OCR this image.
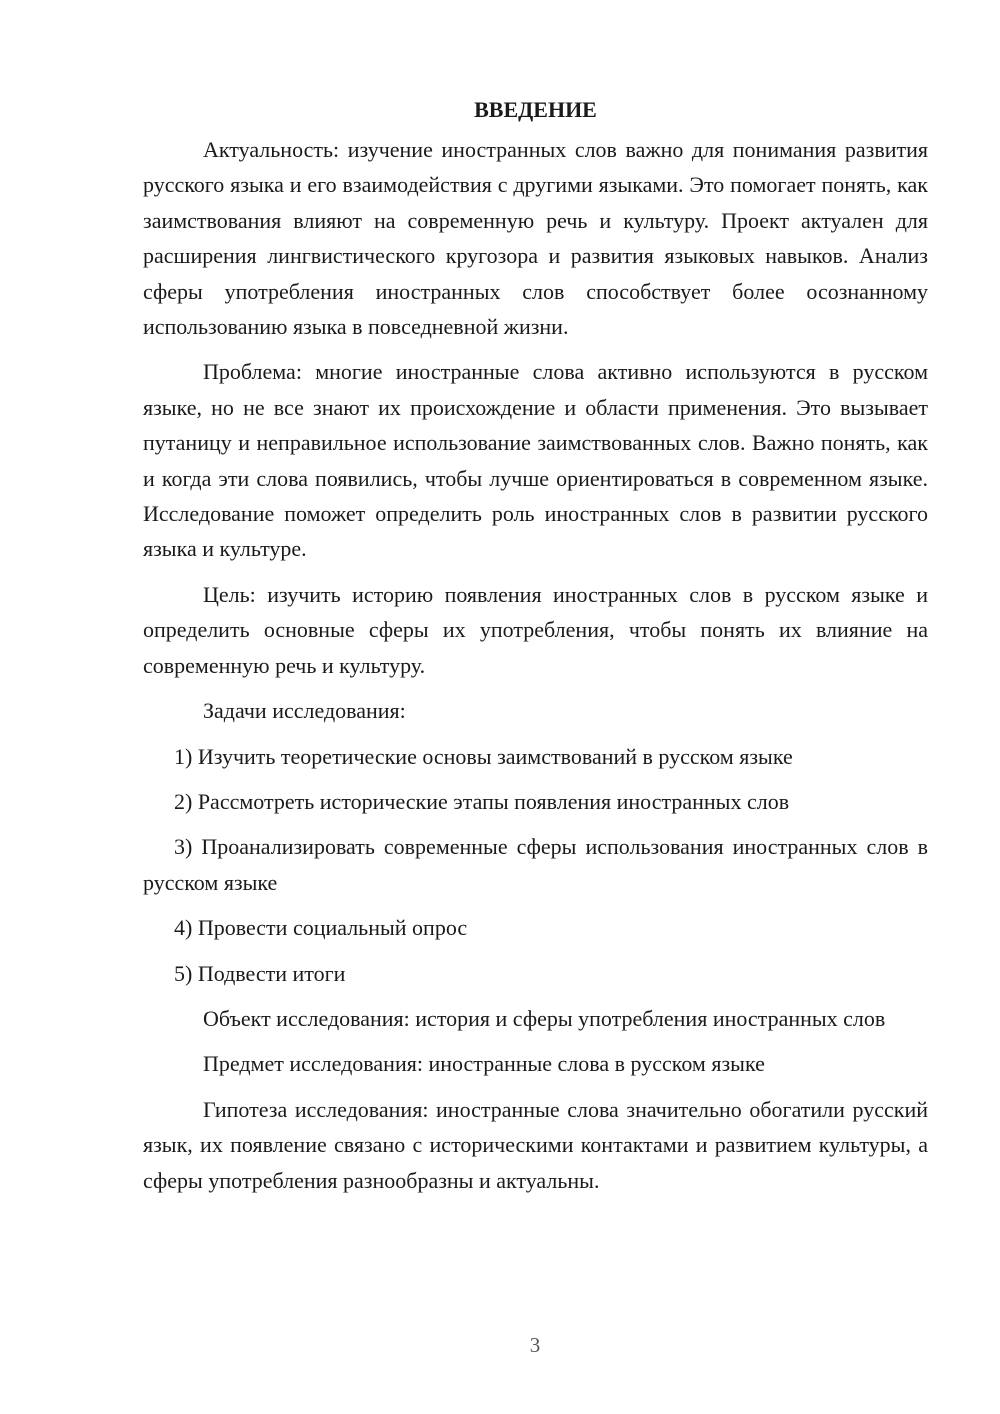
ВВЕДЕНИЕ

Актуальность: изучение иностранных слов важно для понимания развития русского языка и его взаимодействия с другими языками. Это помогает понять, как заимствования влияют на современную речь и культуру. Проект актуален для расширения лингвистического кругозора и развития языковых навыков. Анализ сферы употребления иностранных слов способствует более осознанному использованию языка в повседневной жизни.

Проблема: многие иностранные слова активно используются в русском языке, но не все знают их происхождение и области применения. Это вызывает путаницу и неправильное использование заимствованных слов. Важно понять, как и когда эти слова появились, чтобы лучше ориентироваться в современном языке. Исследование поможет определить роль иностранных слов в развитии русского языка и культуре.

Цель: изучить историю появления иностранных слов в русском языке и определить основные сферы их употребления, чтобы понять их влияние на современную речь и культуру.

Задачи исследования:

1) Изучить теоретические основы заимствований в русском языке

2) Рассмотреть исторические этапы появления иностранных слов

3) Проанализировать современные сферы использования иностранных слов в русском языке

4) Провести социальный опрос

5) Подвести итоги

Объект исследования: история и сферы употребления иностранных слов

Предмет исследования: иностранные слова в русском языке

Гипотеза исследования: иностранные слова значительно обогатили русский язык, их появление связано с историческими контактами и развитием культуры, а сферы употребления разнообразны и актуальны.

3
